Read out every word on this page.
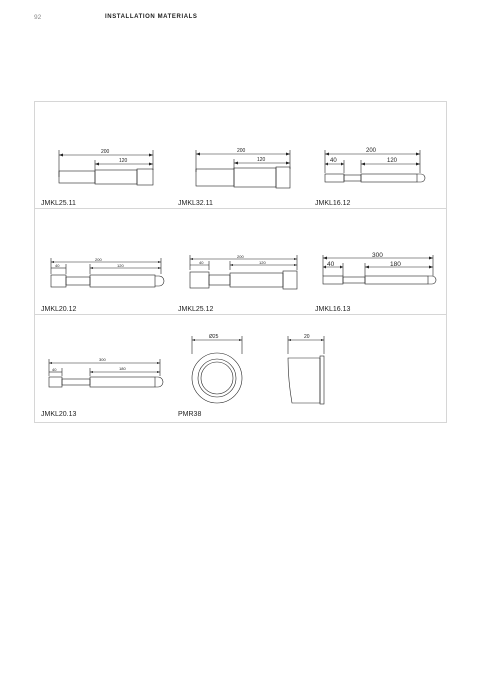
92	INSTALLATION MATERIALS
200
120
JMKL25.11
200
120
JMKL32.11
200
40	120
JMKL16.12
200
40	120
JMKL20.12
200
40	120
JMKL25.12
300
40	180
JMKL16.13
300
40	180
JMKL20.13
Ø25	20
PMR38
